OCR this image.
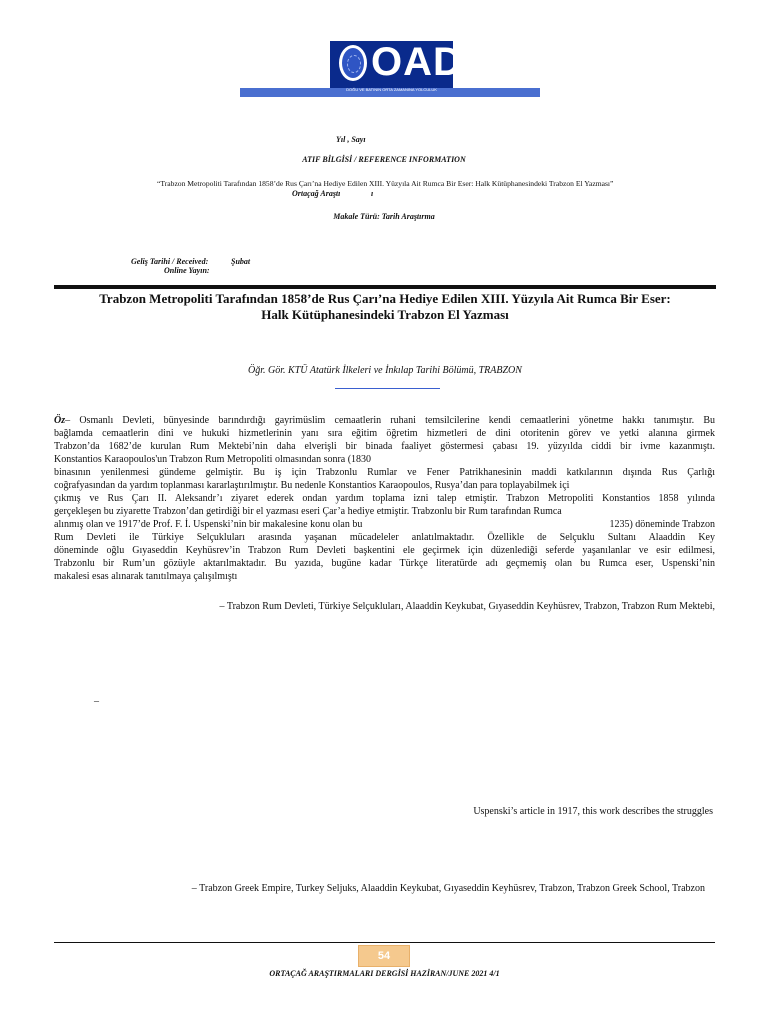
OAD
DOĞU VE BATININ ORTA ZAMANINA YOLCULUK
Yıl , Sayı
ATIF BİLGİSİ / REFERENCE INFORMATION
“Trabzon Metropoliti Tarafından 1858’de Rus Çarı’na Hediye Edilen XIII. Yüzyıla Ait Rumca Bir Eser: Halk Kütüphanesindeki Trabzon El Yazması”
Ortaçağ Araştı	ı
Makale Türü: Tarih Araştırma
Geliş Tarihi / Received:	Şubat
Online Yayın:
Trabzon Metropoliti Tarafından 1858’de Rus Çarı’na Hediye Edilen XIII. Yüzyıla Ait Rumca Bir Eser:
Halk Kütüphanesindeki Trabzon El Yazması
Öğr. Gör. KTÜ Atatürk İlkeleri ve İnkılap Tarihi Bölümü, TRABZON
Öz– Osmanlı Devleti, bünyesinde barındırdığı gayrimüslim cemaatlerin ruhani temsilcilerine kendi cemaatlerini yönetme hakkı tanımıştır. Bu
bağlamda cemaatlerin dini ve hukuki hizmetlerinin yanı sıra eğitim öğretim hizmetleri de dini otoritenin görev ve yetki alanına girmek
Trabzon’da 1682’de kurulan Rum Mektebi’nin daha elverişli bir binada faaliyet göstermesi çabası 19. yüzyılda ciddi bir ivme kazanmıştı.
Konstantios Karaopoulos'un Trabzon Rum Metropoliti olmasından sonra (1830
binasının yenilenmesi gündeme gelmiştir. Bu iş için Trabzonlu Rumlar ve Fener Patrikhanesinin maddi katkılarının dışında Rus Çarlığı
coğrafyasından da yardım toplanması kararlaştırılmıştır. Bu nedenle Konstantios Karaopoulos, Rusya’dan para toplayabilmek içi
çıkmış ve Rus Çarı II. Aleksandr’ı ziyaret ederek ondan yardım toplama izni talep etmiştir. Trabzon Metropoliti Konstantios 1858 yılında
gerçekleşen bu ziyarette Trabzon’dan getirdiği bir el yazması eseri Çar’a hediye etmiştir. Trabzonlu bir Rum tarafından Rumca
alınmış olan ve 1917’de Prof. F. İ. Uspenski’nin bir makalesine konu olan bu	1235) döneminde Trabzon
Rum Devleti ile Türkiye Selçukluları arasında yaşanan mücadeleler anlatılmaktadır. Özellikle de Selçuklu Sultanı Alaaddin Key
döneminde oğlu Gıyaseddin Keyhüsrev’in Trabzon Rum Devleti başkentini ele geçirmek için düzenlediği seferde yaşanılanlar ve esir edilmesi,
Trabzonlu bir Rum’un gözüyle aktarılmaktadır. Bu yazıda, bugüne kadar Türkçe literatürde adı geçmemiş olan bu Rumca eser, Uspenski’nin
makalesi esas alınarak tanıtılmaya çalışılmıştı
– Trabzon Rum Devleti, Türkiye Selçukluları, Alaaddin Keykubat, Gıyaseddin Keyhüsrev, Trabzon, Trabzon Rum Mektebi,
–
Uspenski’s article in 1917, this work describes the struggles
– Trabzon Greek Empire, Turkey Seljuks, Alaaddin Keykubat, Gıyaseddin Keyhüsrev, Trabzon, Trabzon Greek School, Trabzon
54
ORTAÇAĞ ARAŞTIRMALARI DERGİSİ HAZİRAN/JUNE 2021 4/1
